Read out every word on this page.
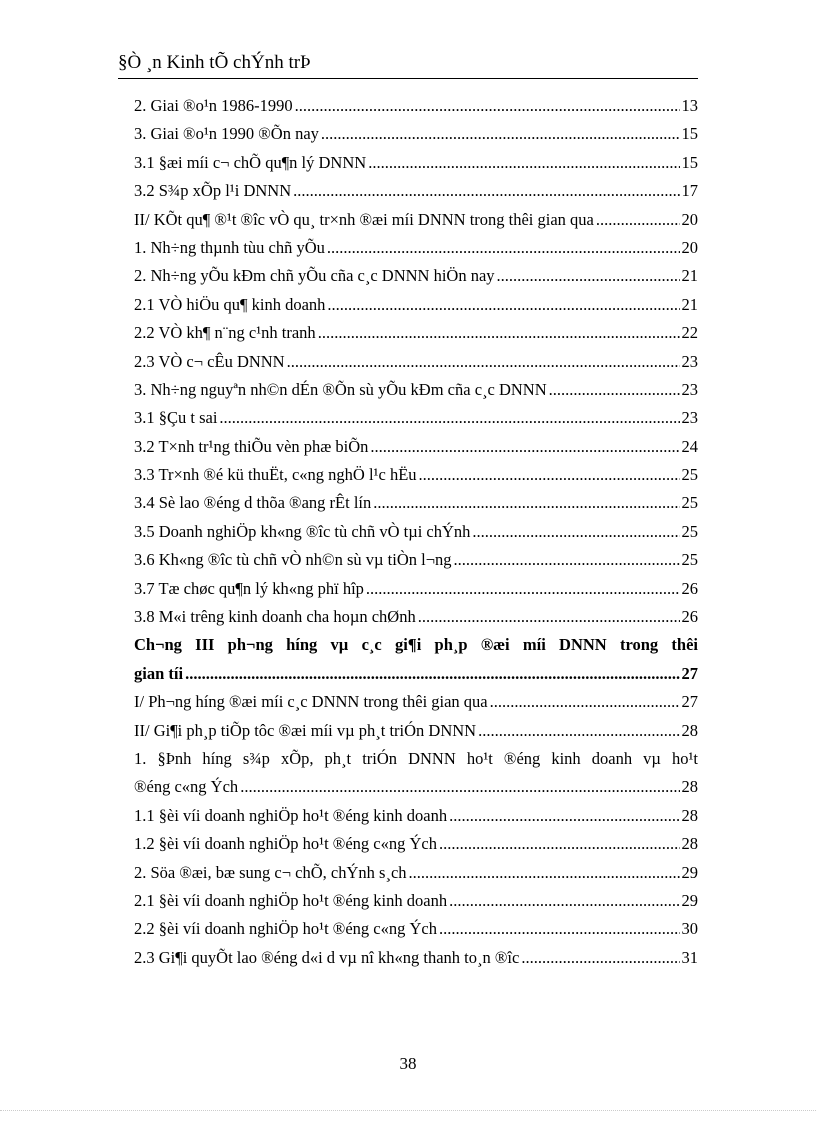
§Ò ¸n Kinh tÕ chÝnh trÞ
2. Giai ®o¹n 1986-1990 .....	13
3. Giai ®o¹n 1990 ®Õn nay .....	15
3.1 §æi míi c¬ chÕ qu¶n lý DNNN .....	15
3.2 S¾p xÕp l¹i DNNN .....	17
II/ KÕt qu¶ ®¹t ®îc vÒ qu¸ tr×nh ®æi míi DNNN trong thêi gian qua .....	20
1. Nh÷ng thµnh tùu chñ yÕu .....	20
2. Nh÷ng yÕu kÐm chñ yÕu cña c¸c DNNN hiÖn nay .....	21
2.1 VÒ hiÖu qu¶ kinh doanh .....	21
2.2 VÒ kh¶ n¨ng c¹nh tranh .....	22
2.3 VÒ c¬ cÊu DNNN .....	23
3. Nh÷ng nguyªn nh©n dÉn ®Õn sù yÕu kÐm cña c¸c DNNN .....	23
3.1 §Çu t sai .....	23
3.2 T×nh tr¹ng thiÕu vèn phæ biÕn .....	24
3.3 Tr×nh ®é kü thuËt, c«ng nghÖ l¹c hËu .....	25
3.4 Sè lao ®éng d thõa ®ang rÊt lín .....	25
3.5 Doanh nghiÖp kh«ng ®îc tù chñ vÒ tµi chÝnh .....	25
3.6 Kh«ng ®îc tù chñ vÒ nh©n sù vµ tiÒn l¬ng .....	25
3.7 Tæ chøc qu¶n lý kh«ng phï hîp .....	26
3.8 M«i trêng kinh doanh cha hoµn chØnh .....	26
Ch¬ng III ph¬ng híng vµ c¸c gi¶i ph¸p ®æi míi DNNN trong thêi
gian tíi .....	27
I/ Ph¬ng híng ®æi míi c¸c DNNN trong thêi gian qua .....	27
II/ Gi¶i ph¸p tiÕp tôc ®æi míi vµ ph¸t triÓn DNNN .....	28
1. §Þnh híng s¾p xÕp, ph¸t triÓn DNNN ho¹t ®éng kinh doanh vµ ho¹t
®éng c«ng Ých .....	28
1.1 §èi víi doanh nghiÖp ho¹t ®éng kinh doanh .....	28
1.2 §èi víi doanh nghiÖp ho¹t ®éng c«ng Ých .....	28
2. Söa ®æi, bæ sung c¬ chÕ, chÝnh s¸ch .....	29
2.1 §èi víi doanh nghiÖp ho¹t ®éng kinh doanh .....	29
2.2 §èi víi doanh nghiÖp ho¹t ®éng c«ng Ých .....	30
2.3 Gi¶i quyÕt lao ®éng d«i d vµ nî kh«ng thanh to¸n ®îc .....	31
38
